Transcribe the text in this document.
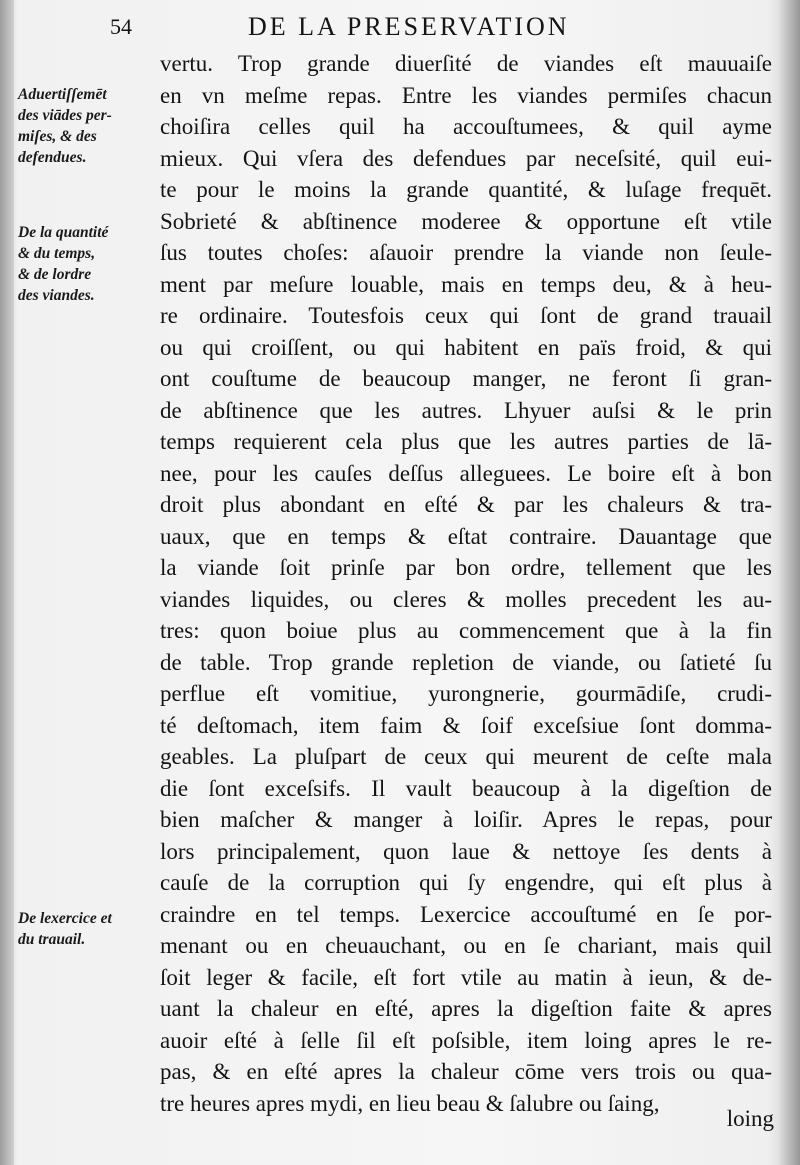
54	DE LA PRESERVATION
vertu. Trop grande diuerſité de viandes eſt mauuaiſe
en vn meſme repas. Entre les viandes permiſes chacun
choiſira celles quil ha accouſtumees, & quil ayme
mieux. Qui vſera des defendues par neceſsité, quil eui-
te pour le moins la grande quantité, & luſage frequēt.
Sobrieté & abſtinence moderee & opportune eſt vtile
ſus toutes choſes: aſauoir prendre la viande non ſeule-
ment par meſure louable, mais en temps deu, & à heu-
re ordinaire. Toutesfois ceux qui ſont de grand trauail
ou qui croiſſent, ou qui habitent en païs froid, & qui
ont couſtume de beaucoup manger, ne feront ſi gran-
de abſtinence que les autres. Lhyuer auſsi & le prin
temps requierent cela plus que les autres parties de lā-
nee, pour les cauſes deſſus alleguees. Le boire eſt à bon
droit plus abondant en eſté & par les chaleurs & tra-
uaux, que en temps & eſtat contraire. Dauantage que
la viande ſoit prinſe par bon ordre, tellement que les
viandes liquides, ou cleres & molles precedent les au-
tres: quon boiue plus au commencement que à la fin
de table. Trop grande repletion de viande, ou ſatieté ſu
perflue eſt vomitiue, yurongnerie, gourmādiſe, crudi-
té deſtomach, item faim & ſoif exceſsiue ſont domma-
geables. La pluſpart de ceux qui meurent de ceſte mala
die ſont exceſsifs. Il vault beaucoup à la digeſtion de
bien maſcher & manger à loiſir. Apres le repas, pour
lors principalement, quon laue & nettoye ſes dents à
cauſe de la corruption qui ſy engendre, qui eſt plus à
craindre en tel temps. Lexercice accouſtumé en ſe por-
menant ou en cheuauchant, ou en ſe chariant, mais quil
ſoit leger & facile, eſt fort vtile au matin à ieun, & de-
uant la chaleur en eſté, apres la digeſtion faite & apres
auoir eſté à ſelle ſil eſt poſsible, item loing apres le re-
pas, & en eſté apres la chaleur cōme vers trois ou qua-
tre heures apres mydi, en lieu beau & ſalubre ou ſaing,
Aduertiſſemēt
des viādes per-
miſes, & des
defendues.
De la quantité
& du temps,
& de lordre
des viandes.
De lexercice et
du trauail.
loing
